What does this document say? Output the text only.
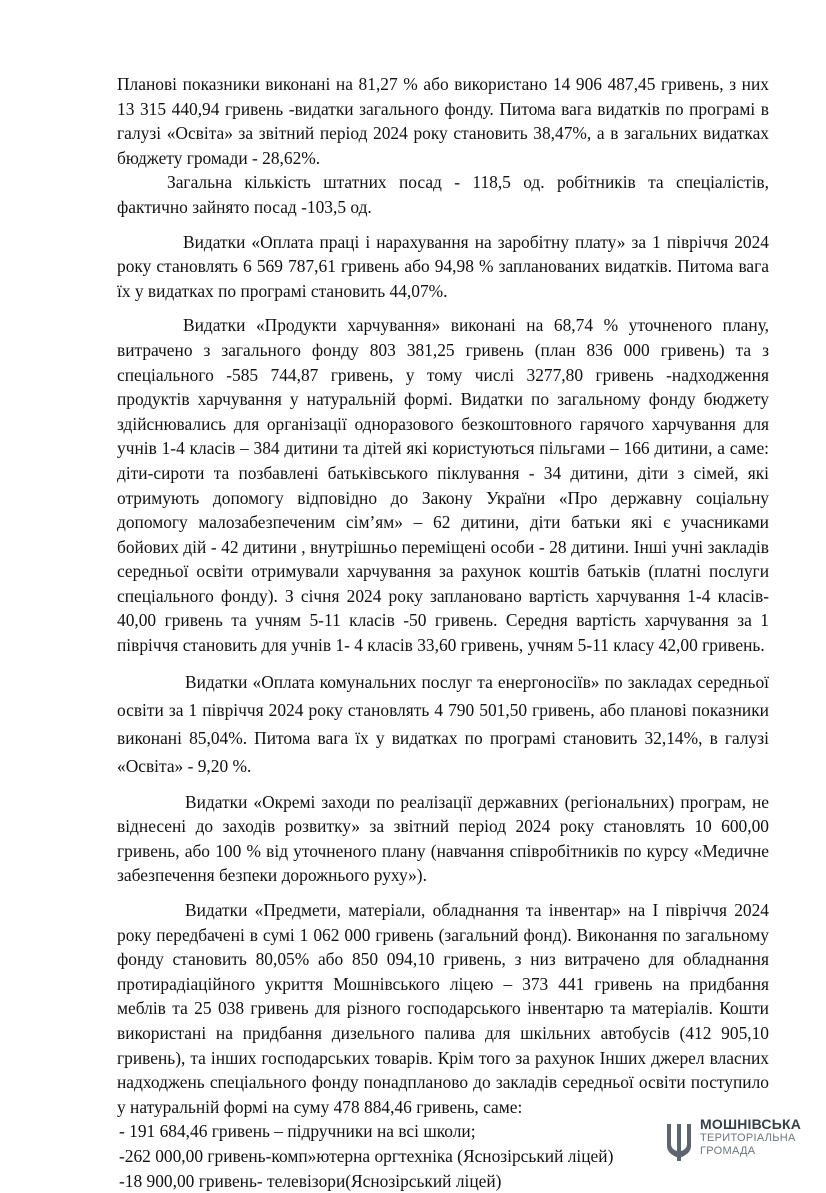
Планові показники виконані на 81,27 % або використано 14 906 487,45 гривень, з них 13 315 440,94 гривень -видатки загального фонду. Питома вага видатків по програмі в галузі «Освіта» за звітний період 2024 року становить 38,47%, а в загальних видатках бюджету громади - 28,62%.

Загальна кількість штатних посад - 118,5 од. робітників та спеціалістів, фактично зайнято посад -103,5 од.

Видатки «Оплата праці і нарахування на заробітну плату» за 1 півріччя 2024 року становлять 6 569 787,61 гривень або 94,98 % запланованих видатків. Питома вага їх у видатках по програмі становить 44,07%.

Видатки «Продукти харчування» виконані на 68,74 % уточненого плану, витрачено з загального фонду 803 381,25 гривень (план 836 000 гривень) та з спеціального -585 744,87 гривень, у тому числі 3277,80 гривень -надходження продуктів харчування у натуральній формі. Видатки по загальному фонду бюджету здійснювались для організації одноразового безкоштовного гарячого харчування для учнів 1-4 класів – 384 дитини та дітей які користуються пільгами – 166 дитини, а саме: діти-сироти та позбавлені батьківського піклування - 34 дитини, діти з сімей, які отримують допомогу відповідно до Закону України «Про державну соціальну допомогу малозабезпеченим сім’ям» – 62 дитини, діти батьки які є учасниками бойових дій - 42 дитини , внутрішньо переміщені особи - 28 дитини. Інші учні закладів середньої освіти отримували харчування за рахунок коштів батьків (платні послуги спеціального фонду). З січня 2024 року заплановано вартість харчування 1-4 класів- 40,00 гривень та учням 5-11 класів -50 гривень. Середня вартість харчування за 1 півріччя становить для учнів 1- 4 класів 33,60 гривень, учням 5-11 класу 42,00 гривень.

Видатки «Оплата комунальних послуг та енергоносіїв» по закладах середньої освіти за 1 півріччя 2024 року становлять 4 790 501,50 гривень, або планові показники виконані 85,04%. Питома вага їх у видатках по програмі становить 32,14%, в галузі «Освіта» - 9,20 %.

Видатки «Окремі заходи по реалізації державних (регіональних) програм, не віднесені до заходів розвитку» за звітний період 2024 року становлять 10 600,00 гривень, або 100 % від уточненого плану (навчання співробітників по курсу «Медичне забезпечення безпеки дорожнього руху»).

Видатки «Предмети, матеріали, обладнання та інвентар» на І півріччя 2024 року передбачені в сумі 1 062 000 гривень (загальний фонд). Виконання по загальному фонду становить 80,05% або 850 094,10 гривень, з низ витрачено для обладнання протирадіаційного укриття Мошнівського ліцею – 373 441 гривень на придбання меблів та 25 038 гривень для різного господарського інвентарю та матеріалів. Кошти використані на придбання дизельного палива для шкільних автобусів (412 905,10 гривень), та інших господарських товарів. Крім того за рахунок Інших джерел власних надходжень спеціального фонду понадпланово до закладів середньої освіти поступило у натуральній формі на суму 478 884,46 гривень, саме:

- 191 684,46 гривень – підручники на всі школи;

-262 000,00 гривень-комп»ютерна оргтехніка (Яснозірський ліцей)

-18 900,00 гривень- телевізори(Яснозірський ліцей)

МОШНІВСЬКА
ТЕРИТОРІАЛЬНА
ГРОМАДА
